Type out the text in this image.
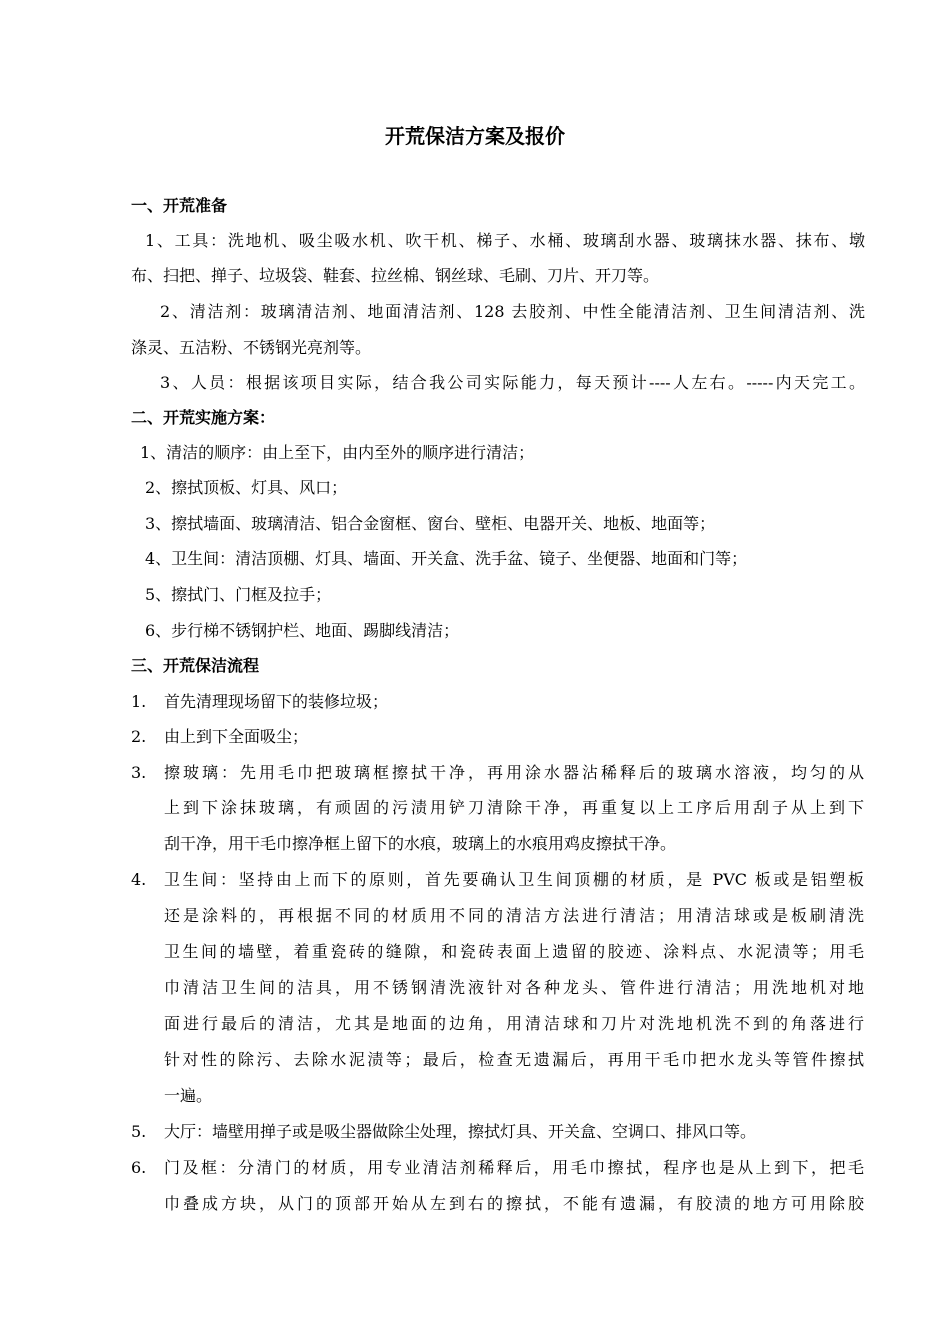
开荒保洁方案及报价
一、开荒准备
1、工具：洗地机、吸尘吸水机、吹干机、梯子、水桶、玻璃刮水器、玻璃抹水器、抹布、墩
布、扫把、掸子、垃圾袋、鞋套、拉丝棉、钢丝球、毛刷、刀片、开刀等。
2、清洁剂：玻璃清洁剂、地面清洁剂、128 去胶剂、中性全能清洁剂、卫生间清洁剂、洗
涤灵、五洁粉、不锈钢光亮剂等。
3、人员：根据该项目实际，结合我公司实际能力，每天预计----人左右。-----内天完工。
二、开荒实施方案：
1、清洁的顺序：由上至下，由内至外的顺序进行清洁；
2、擦拭顶板、灯具、风口；
3、擦拭墙面、玻璃清洁、铝合金窗框、窗台、壁柜、电器开关、地板、地面等；
4、卫生间：清洁顶棚、灯具、墙面、开关盒、洗手盆、镜子、坐便器、地面和门等；
5、擦拭门、门框及拉手；
6、步行梯不锈钢护栏、地面、踢脚线清洁；
三、开荒保洁流程
1.	首先清理现场留下的装修垃圾；
2.	由上到下全面吸尘；
3.	擦玻璃：先用毛巾把玻璃框擦拭干净，再用涂水器沾稀释后的玻璃水溶液，均匀的从
上到下涂抹玻璃，有顽固的污渍用铲刀清除干净，再重复以上工序后用刮子从上到下
刮干净，用干毛巾擦净框上留下的水痕，玻璃上的水痕用鸡皮擦拭干净。
4.	卫生间：坚持由上而下的原则，首先要确认卫生间顶棚的材质，是 PVC 板或是铝塑板
还是涂料的，再根据不同的材质用不同的清洁方法进行清洁；用清洁球或是板刷清洗
卫生间的墙壁，着重瓷砖的缝隙，和瓷砖表面上遗留的胶迹、涂料点、水泥渍等；用毛
巾清洁卫生间的洁具，用不锈钢清洗液针对各种龙头、管件进行清洁；用洗地机对地
面进行最后的清洁，尤其是地面的边角，用清洁球和刀片对洗地机洗不到的角落进行
针对性的除污、去除水泥渍等；最后，检查无遗漏后，再用干毛巾把水龙头等管件擦拭
一遍。
5.	大厅：墙壁用掸子或是吸尘器做除尘处理，擦拭灯具、开关盒、空调口、排风口等。
6.	门及框：分清门的材质，用专业清洁剂稀释后，用毛巾擦拭，程序也是从上到下，把毛
巾叠成方块，从门的顶部开始从左到右的擦拭，不能有遗漏，有胶渍的地方可用除胶
